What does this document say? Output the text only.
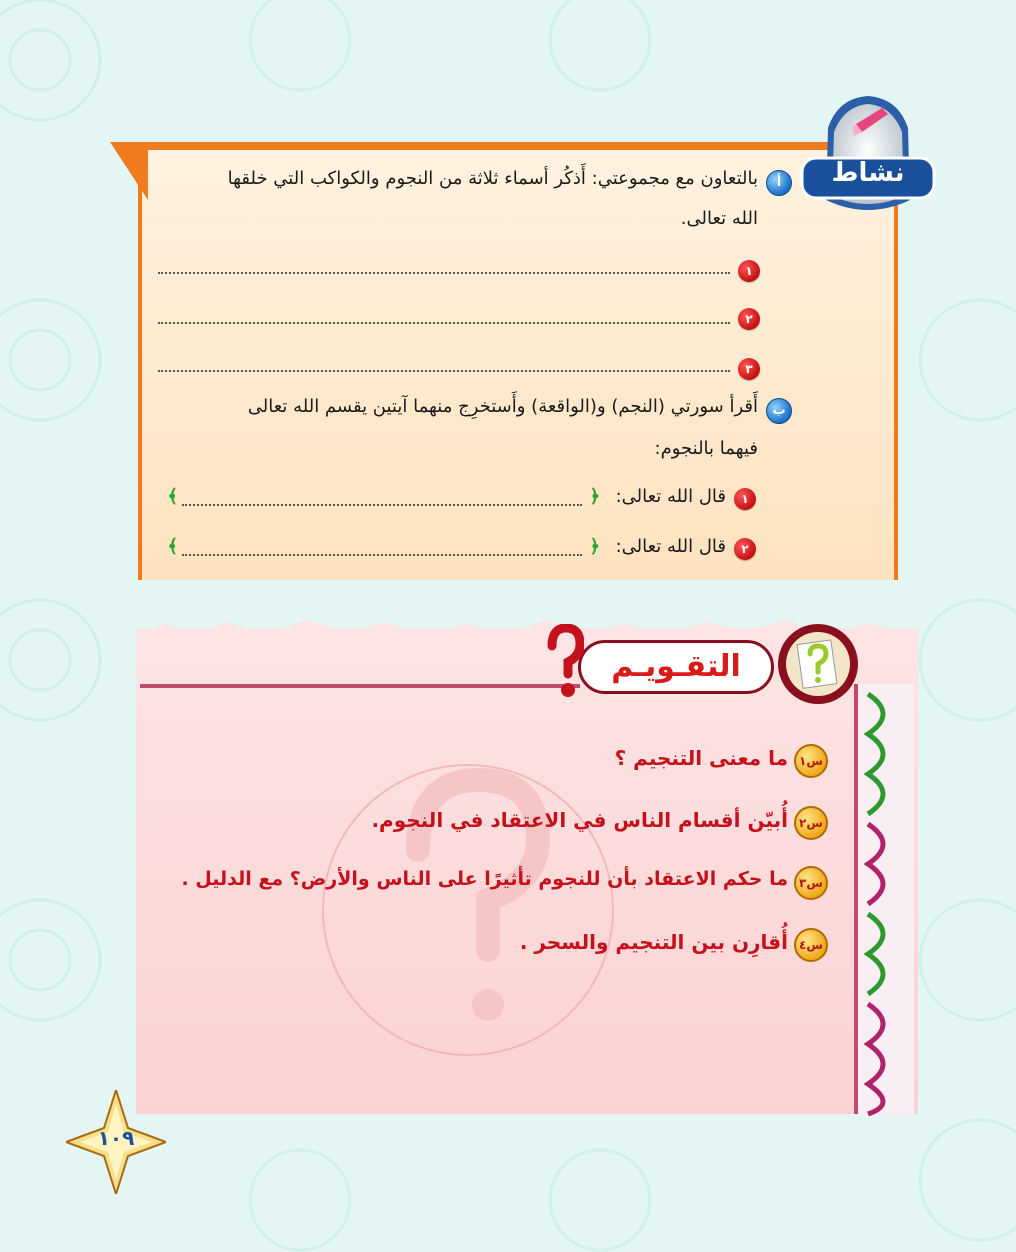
نشاط
أ
بالتعاون مع مجموعتي: أَذكُر أسماء ثلاثة من النجوم والكواكب التي خلقها
الله تعالى.
١
٢
٣
ب
أَقرأ سورتي (النجم) و(الواقعة) وأَستخرِج منهما آيتين يقسم الله تعالى
فيهما بالنجوم:
١
قال الله تعالى:
﴿
﴾
٢
قال الله تعالى:
﴿
﴾
التقـويـم
س١
ما معنى التنجيم ؟
س٢
أُبيّن أقسام الناس في الاعتقاد في النجوم.
س٣
ما حكم الاعتقاد بأن للنجوم تأثيرًا على الناس والأرض؟ مع الدليل .
س٤
أُقارِن بين التنجيم والسحر .
١٠٩
